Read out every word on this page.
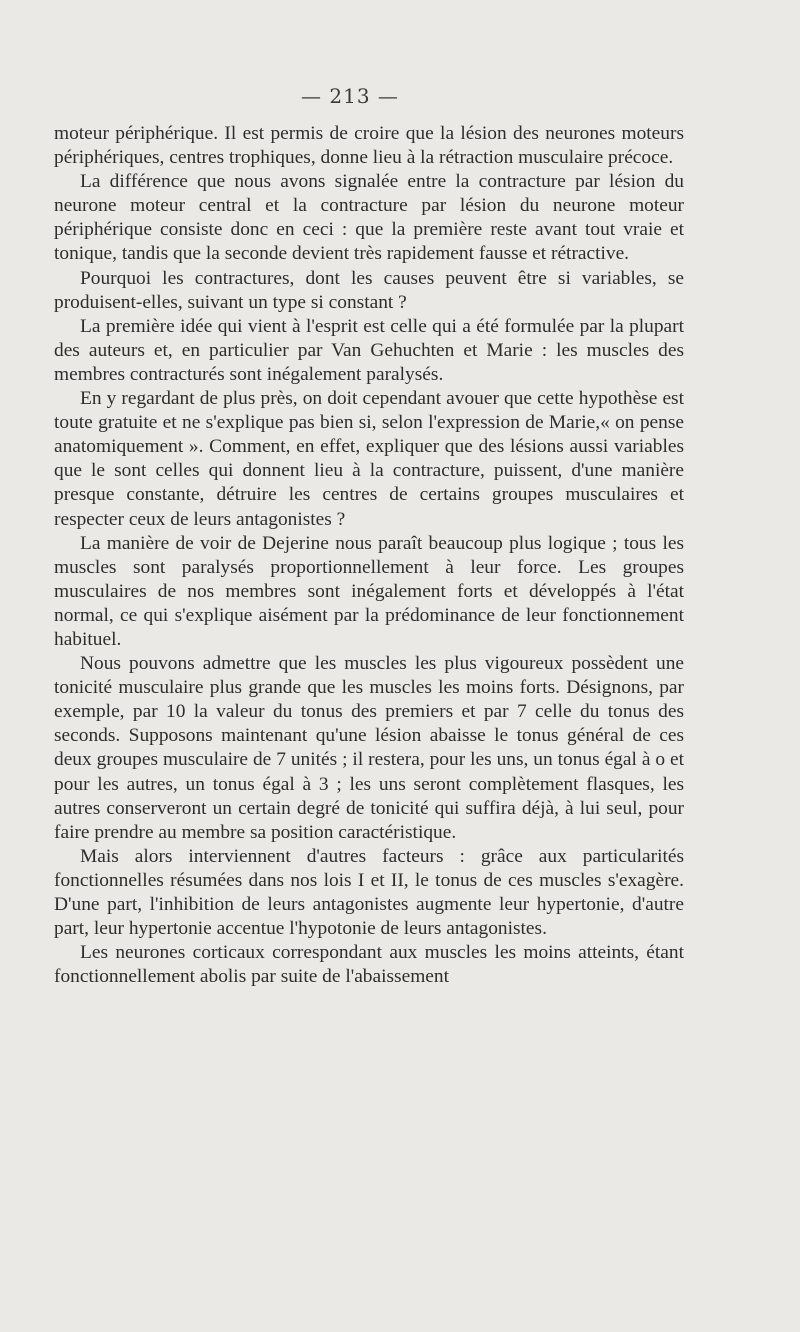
— 213 —

moteur périphérique. Il est permis de croire que la lésion des neurones moteurs périphériques, centres trophiques, donne lieu à la rétraction musculaire précoce.

La différence que nous avons signalée entre la contracture par lésion du neurone moteur central et la contracture par lésion du neurone moteur périphérique consiste donc en ceci : que la première reste avant tout vraie et tonique, tandis que la seconde devient très rapidement fausse et rétractive.

Pourquoi les contractures, dont les causes peuvent être si variables, se produisent-elles, suivant un type si constant ?

La première idée qui vient à l'esprit est celle qui a été formulée par la plupart des auteurs et, en particulier par Van Gehuchten et Marie : les muscles des membres contracturés sont inégalement paralysés.

En y regardant de plus près, on doit cependant avouer que cette hypothèse est toute gratuite et ne s'explique pas bien si, selon l'expression de Marie,« on pense anatomiquement ». Comment, en effet, expliquer que des lésions aussi variables que le sont celles qui donnent lieu à la contracture, puissent, d'une manière presque constante, détruire les centres de certains groupes musculaires et respecter ceux de leurs antagonistes ?

La manière de voir de Dejerine nous paraît beaucoup plus logique ; tous les muscles sont paralysés proportionnellement à leur force. Les groupes musculaires de nos membres sont inégalement forts et développés à l'état normal, ce qui s'explique aisément par la prédominance de leur fonctionnement habituel.

Nous pouvons admettre que les muscles les plus vigoureux possèdent une tonicité musculaire plus grande que les muscles les moins forts. Désignons, par exemple, par 10 la valeur du tonus des premiers et par 7 celle du tonus des seconds. Supposons maintenant qu'une lésion abaisse le tonus général de ces deux groupes musculaire de 7 unités ; il restera, pour les uns, un tonus égal à o et pour les autres, un tonus égal à 3 ; les uns seront complètement flasques, les autres conserveront un certain degré de tonicité qui suffira déjà, à lui seul, pour faire prendre au membre sa position caractéristique.

Mais alors interviennent d'autres facteurs : grâce aux particularités fonctionnelles résumées dans nos lois I et II, le tonus de ces muscles s'exagère. D'une part, l'inhibition de leurs antagonistes augmente leur hypertonie, d'autre part, leur hypertonie accentue l'hypotonie de leurs antagonistes.

Les neurones corticaux correspondant aux muscles les moins atteints, étant fonctionnellement abolis par suite de l'abaissement
